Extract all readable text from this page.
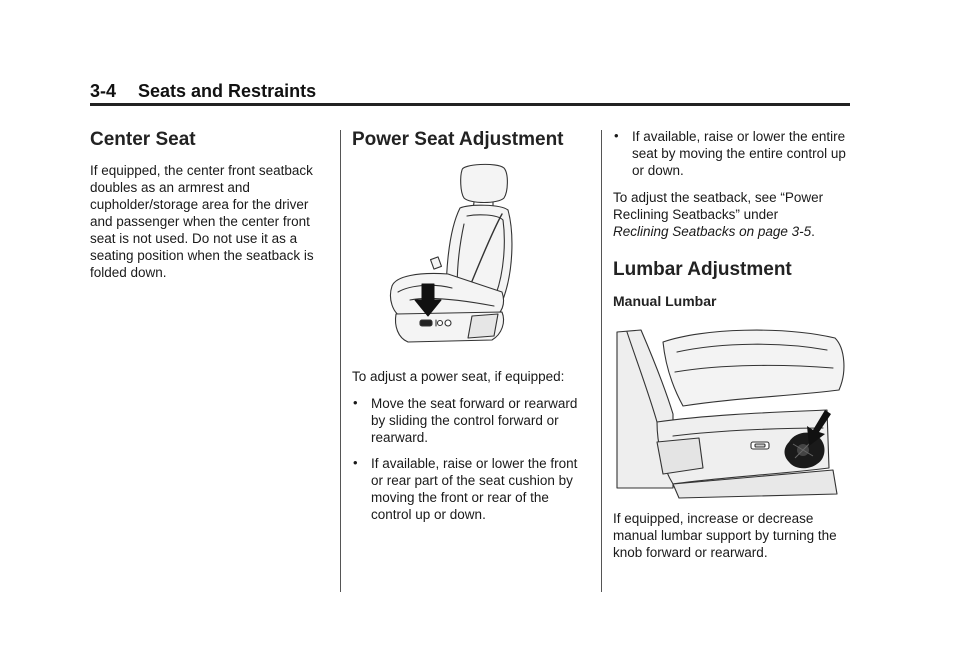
3-4 Seats and Restraints
Center Seat

If equipped, the center front seatback doubles as an armrest and cupholder/storage area for the driver and passenger when the center front seat is not used. Do not use it as a seating position when the seatback is folded down.

Power Seat Adjustment

To adjust a power seat, if equipped:

• Move the seat forward or rearward by sliding the control forward or rearward.
• If available, raise or lower the front or rear part of the seat cushion by moving the front or rear of the control up or down.
• If available, raise or lower the entire seat by moving the entire control up or down.

To adjust the seatback, see “Power Reclining Seatbacks” under
Reclining Seatbacks on page 3‑5.

Lumbar Adjustment
Manual Lumbar

If equipped, increase or decrease manual lumbar support by turning the knob forward or rearward.
